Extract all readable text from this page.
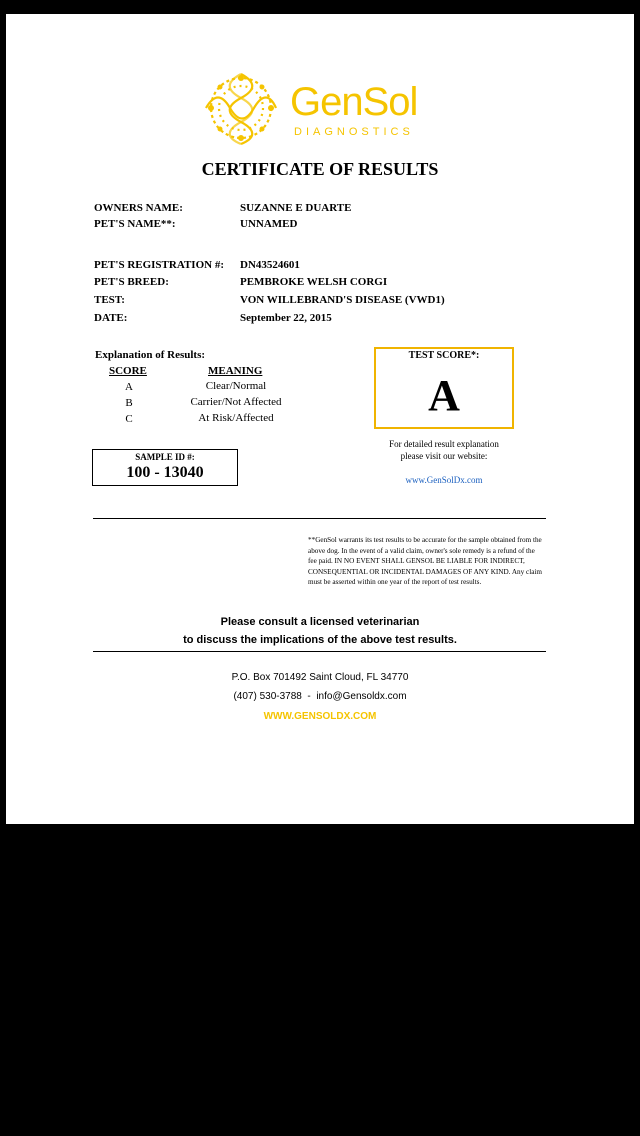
GenSol
DIAGNOSTICS
CERTIFICATE OF RESULTS
OWNERS NAME:	SUZANNE E DUARTE
PET'S NAME**:	UNNAMED
PET'S REGISTRATION #: DN43524601
PET'S BREED:	PEMBROKE WELSH CORGI
TEST:	VON WILLEBRAND'S DISEASE (VWD1)
DATE:	September 22, 2015
Explanation of Results:
SCORE	MEANING
A	Clear/Normal
B	Carrier/Not Affected
C	At Risk/Affected
SAMPLE ID #:
100 - 13040
TEST SCORE*:
A
For detailed result explanation
please visit our website:
www.GenSolDx.com
**GenSol warrants its test results to be accurate for the sample obtained from the above dog. In the event of a valid claim, owner's sole remedy is a refund of the fee paid. IN NO EVENT SHALL GENSOL BE LIABLE FOR INDIRECT, CONSEQUENTIAL OR INCIDENTAL DAMAGES OF ANY KIND. Any claim must be asserted within one year of the report of test results.
Please consult a licensed veterinarian
to discuss the implications of the above test results.
P.O. Box 701492 Saint Cloud, FL 34770
(407) 530-3788 - info@Gensoldx.com
WWW.GENSOLDX.COM
